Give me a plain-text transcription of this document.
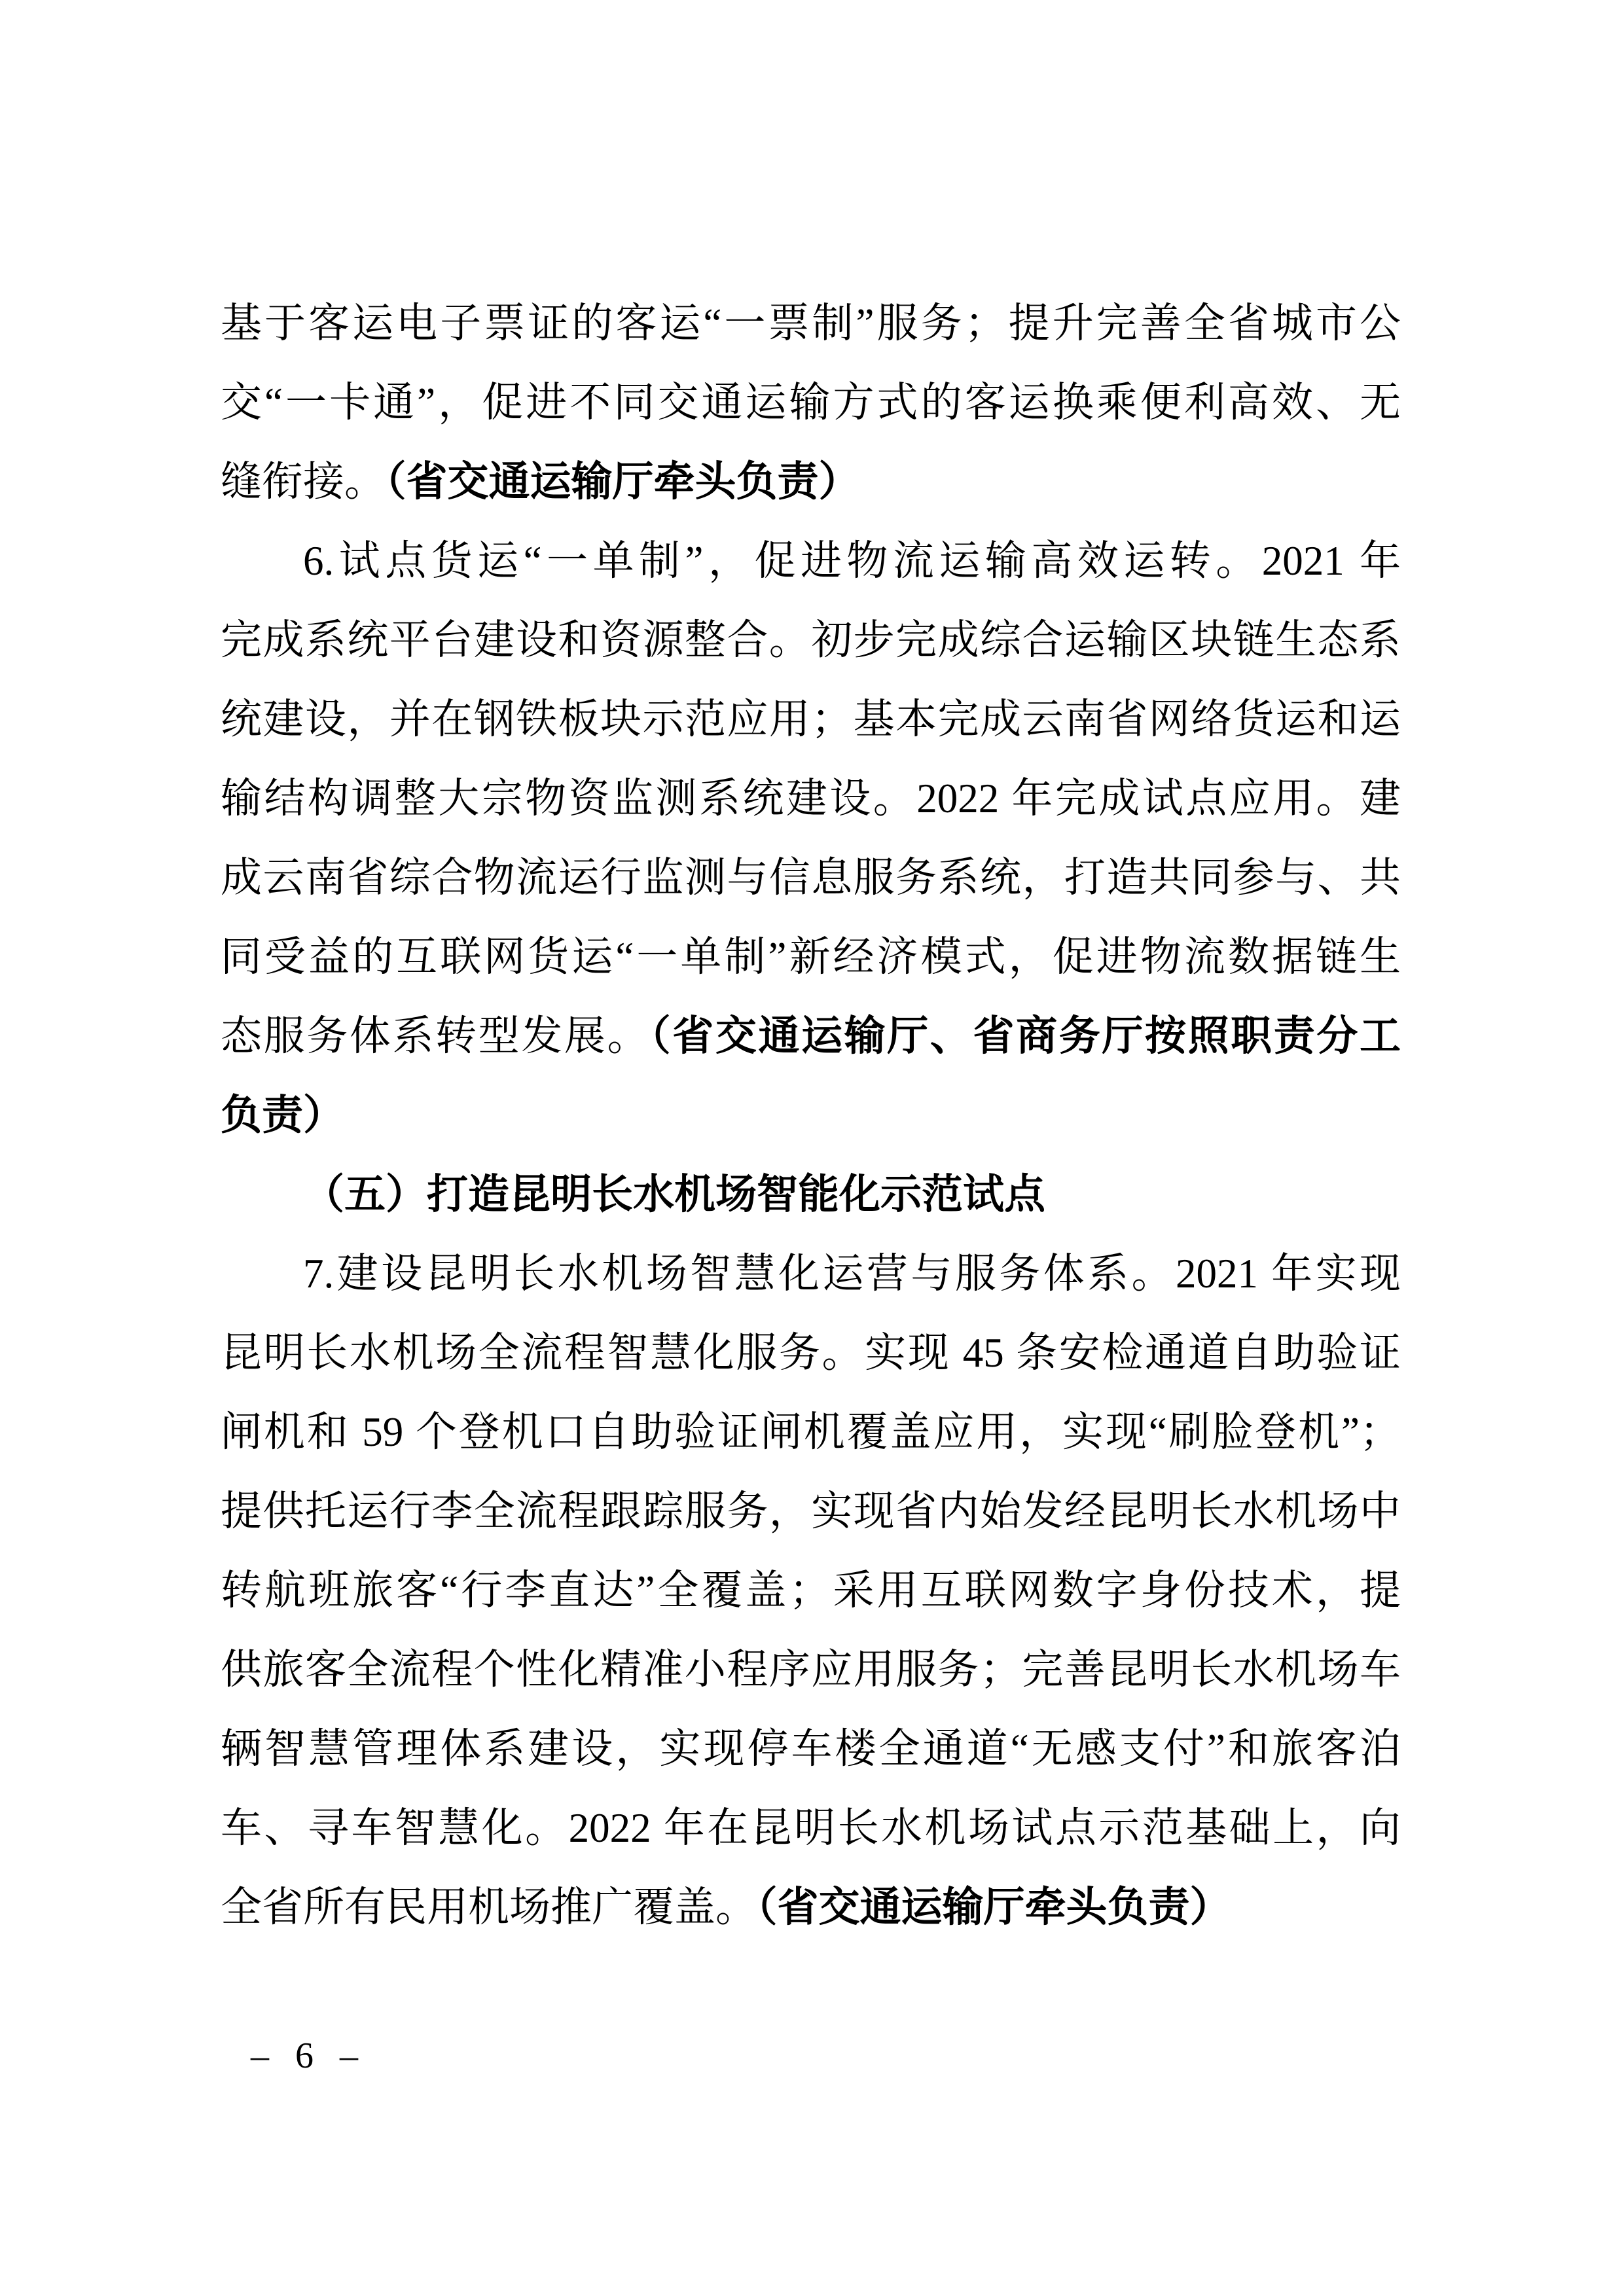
基于客运电子票证的客运“一票制”服务；提升完善全省城市公
交“一卡通”，促进不同交通运输方式的客运换乘便利高效、无
缝衔接。（省交通运输厅牵头负责）
6.试点货运“一单制”，促进物流运输高效运转。2021 年
完成系统平台建设和资源整合。初步完成综合运输区块链生态系
统建设，并在钢铁板块示范应用；基本完成云南省网络货运和运
输结构调整大宗物资监测系统建设。2022 年完成试点应用。建
成云南省综合物流运行监测与信息服务系统，打造共同参与、共
同受益的互联网货运“一单制”新经济模式，促进物流数据链生
态服务体系转型发展。（省交通运输厅、省商务厅按照职责分工
负责）
（五）打造昆明长水机场智能化示范试点
7.建设昆明长水机场智慧化运营与服务体系。2021 年实现
昆明长水机场全流程智慧化服务。实现 45 条安检通道自助验证
闸机和 59 个登机口自助验证闸机覆盖应用，实现“刷脸登机”；
提供托运行李全流程跟踪服务，实现省内始发经昆明长水机场中
转航班旅客“行李直达”全覆盖；采用互联网数字身份技术，提
供旅客全流程个性化精准小程序应用服务；完善昆明长水机场车
辆智慧管理体系建设，实现停车楼全通道“无感支付”和旅客泊
车、寻车智慧化。2022 年在昆明长水机场试点示范基础上，向
全省所有民用机场推广覆盖。（省交通运输厅牵头负责）
– 6 –
